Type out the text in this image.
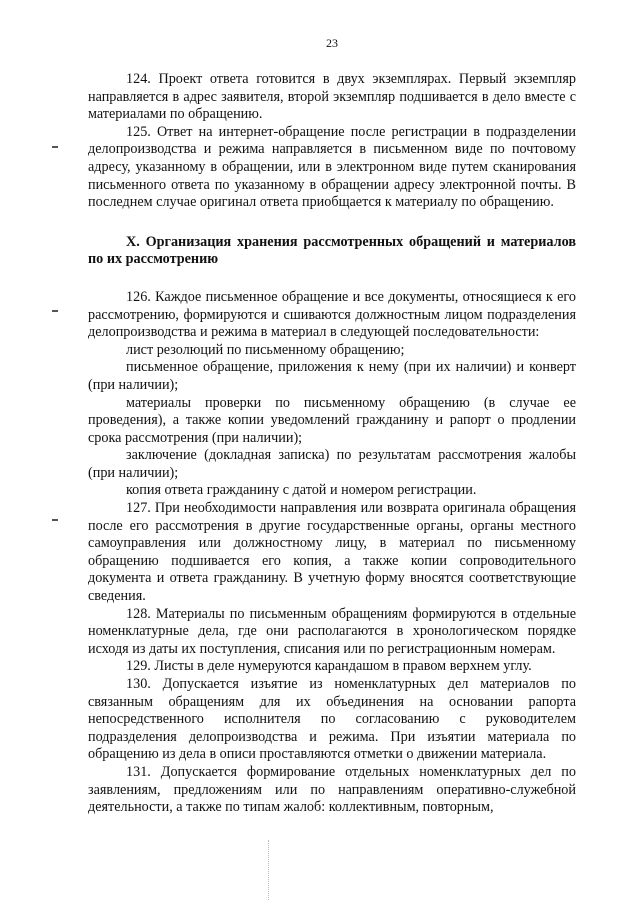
23

124. Проект ответа готовится в двух экземплярах. Первый экземпляр направляется в адрес заявителя, второй экземпляр подшивается в дело вместе с материалами по обращению.

125. Ответ на интернет-обращение после регистрации в подразделении делопроизводства и режима направляется в письменном виде по почтовому адресу, указанному в обращении, или в электронном виде путем сканирования письменного ответа по указанному в обращении адресу электронной почты. В последнем случае оригинал ответа приобщается к материалу по обращению.

X. Организация хранения рассмотренных обращений и материалов по их рассмотрению

126. Каждое письменное обращение и все документы, относящиеся к его рассмотрению, формируются и сшиваются должностным лицом подразделения делопроизводства и режима в материал в следующей последовательности:

лист резолюций по письменному обращению;

письменное обращение, приложения к нему (при их наличии) и конверт (при наличии);

материалы проверки по письменному обращению (в случае ее проведения), а также копии уведомлений гражданину и рапорт о продлении срока рассмотрения (при наличии);

заключение (докладная записка) по результатам рассмотрения жалобы (при наличии);

копия ответа гражданину с датой и номером регистрации.

127. При необходимости направления или возврата оригинала обращения после его рассмотрения в другие государственные органы, органы местного самоуправления или должностному лицу, в материал по письменному обращению подшивается его копия, а также копии сопроводительного документа и ответа гражданину. В учетную форму вносятся соответствующие сведения.

128. Материалы по письменным обращениям формируются в отдельные номенклатурные дела, где они располагаются в хронологическом порядке исходя из даты их поступления, списания или по регистрационным номерам.

129. Листы в деле нумеруются карандашом в правом верхнем углу.

130. Допускается изъятие из номенклатурных дел материалов по связанным обращениям для их объединения на основании рапорта непосредственного исполнителя по согласованию с руководителем подразделения делопроизводства и режима. При изъятии материала по обращению из дела в описи проставляются отметки о движении материала.

131. Допускается формирование отдельных номенклатурных дел по заявлениям, предложениям или по направлениям оперативно-служебной деятельности, а также по типам жалоб: коллективным, повторным,
